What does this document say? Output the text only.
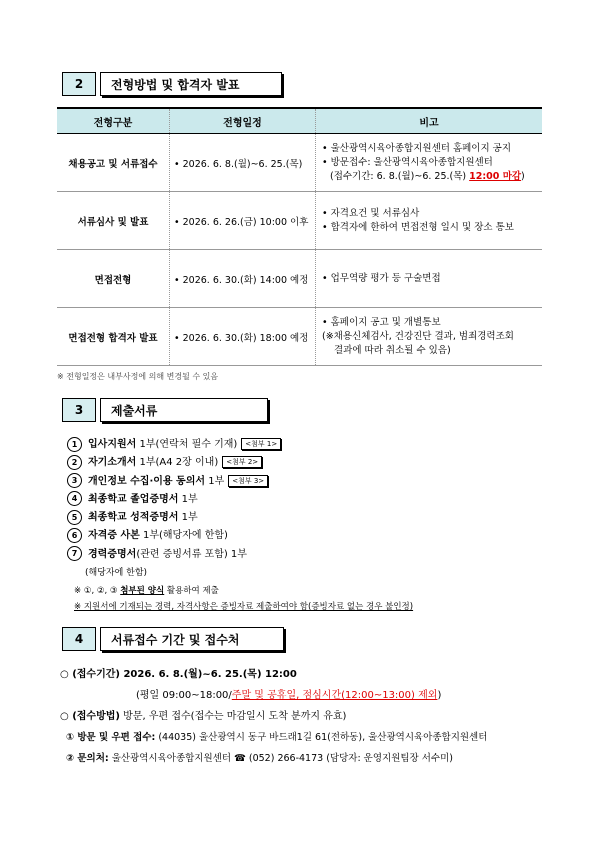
2	전형방법 및 합격자 발표
전형구분	전형일정	비고
채용공고 및 서류접수	• 2026. 6. 8.(월)~6. 25.(목)	• 울산광역시육아종합지원센터 홈페이지 공지
• 방문접수: 울산광역시육아종합지원센터
(접수기간: 6. 8.(월)~6. 25.(목) 12:00 마감)

서류심사 및 발표	• 2026. 6. 26.(금) 10:00 이후	• 자격요건 및 서류심사
• 합격자에 한하여 면접전형 일시 및 장소 통보

면접전형	• 2026. 6. 30.(화) 14:00 예정	• 업무역량 평가 등 구술면접

면접전형 합격자 발표	• 2026. 6. 30.(화) 18:00 예정	• 홈페이지 공고 및 개별통보
(※채용신체검사, 건강진단 결과, 범죄경력조회
결과에 따라 취소될 수 있음)
※ 전형일정은 내부사정에 의해 변경될 수 있음
3	제출서류
1 입사지원서 1부(연락처 필수 기재) <첨부 1>
2 자기소개서 1부(A4 2장 이내) <첨부 2>
3 개인정보 수집·이용 동의서 1부 <첨부 3>
4 최종학교 졸업증명서 1부
5 최종학교 성적증명서 1부
6 자격증 사본 1부(해당자에 한함)
7 경력증명서(관련 증빙서류 포함) 1부
(해당자에 한함)
※ ①, ②, ③ 첨부된 양식 활용하여 제출
※ 지원서에 기재되는 경력, 자격사항은 증빙자료 제출하여야 함(증빙자료 없는 경우 불인정)
4	서류접수 기간 및 접수처
○ (접수기간) 2026. 6. 8.(월)~6. 25.(목) 12:00
(평일 09:00~18:00/주말 및 공휴일, 점심시간(12:00~13:00) 제외)
○ (접수방법) 방문, 우편 접수(접수는 마감일시 도착 분까지 유효)
① 방문 및 우편 접수: (44035) 울산광역시 동구 바드래1길 61(전하동), 울산광역시육아종합지원센터
② 문의처: 울산광역시육아종합지원센터 ☎ (052) 266-4173 (담당자: 운영지원팀장 서수미)
